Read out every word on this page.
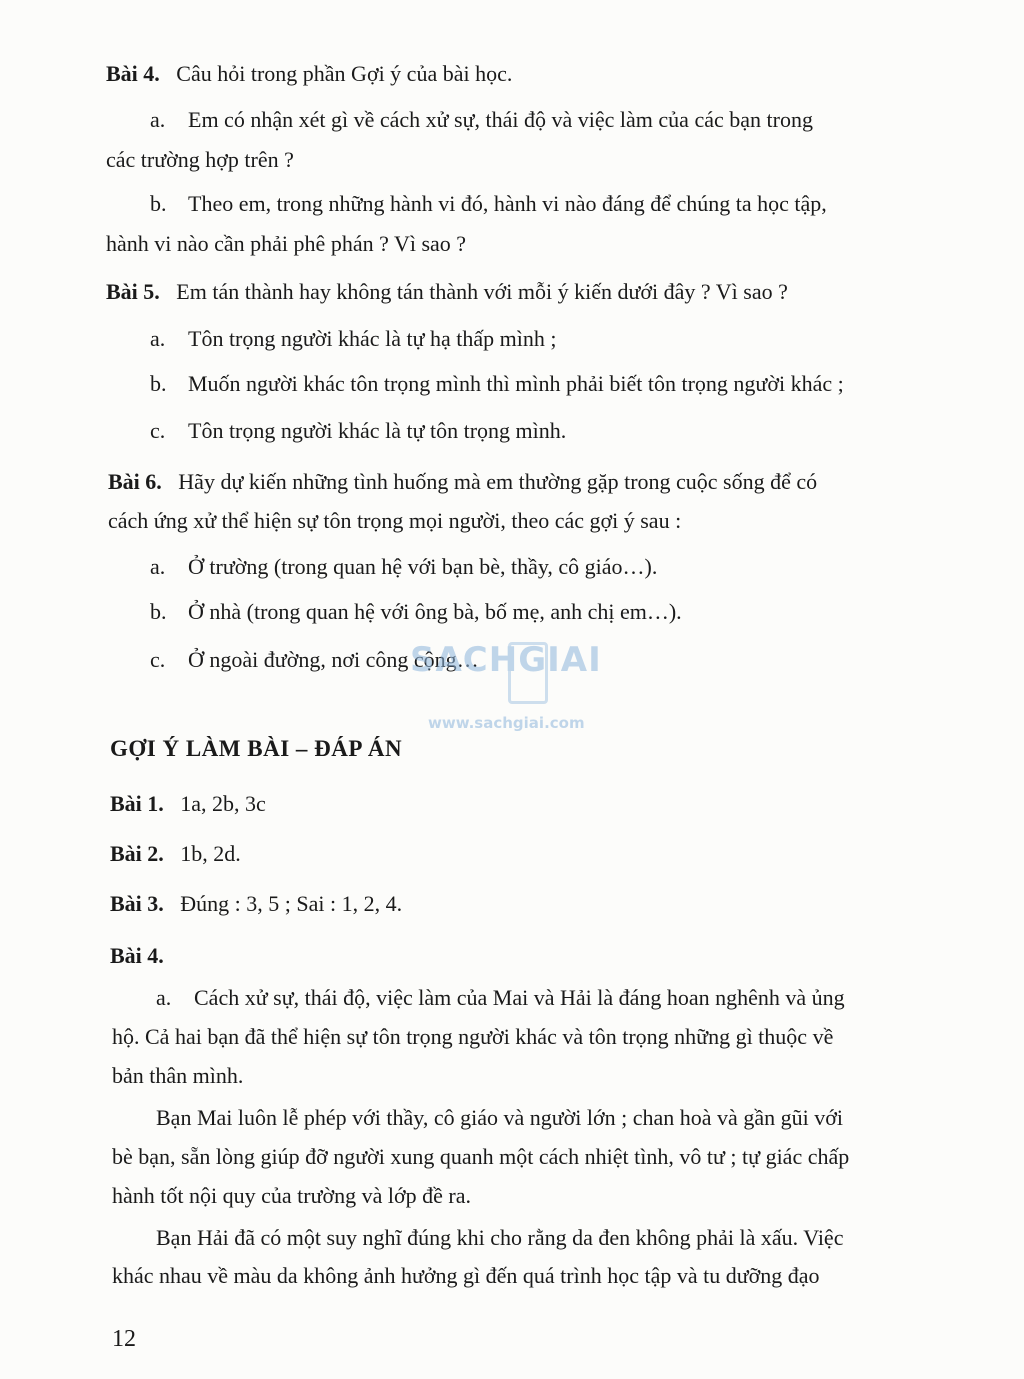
Bài 4. Câu hỏi trong phần Gợi ý của bài học.
a. Em có nhận xét gì về cách xử sự, thái độ và việc làm của các bạn trong
các trường hợp trên ?
b. Theo em, trong những hành vi đó, hành vi nào đáng để chúng ta học tập,
hành vi nào cần phải phê phán ? Vì sao ?
Bài 5. Em tán thành hay không tán thành với mỗi ý kiến dưới đây ? Vì sao ?
a. Tôn trọng người khác là tự hạ thấp mình ;
b. Muốn người khác tôn trọng mình thì mình phải biết tôn trọng người khác ;
c. Tôn trọng người khác là tự tôn trọng mình.
Bài 6. Hãy dự kiến những tình huống mà em thường gặp trong cuộc sống để có
cách ứng xử thể hiện sự tôn trọng mọi người, theo các gợi ý sau :
a. Ở trường (trong quan hệ với bạn bè, thầy, cô giáo…).
b. Ở nhà (trong quan hệ với ông bà, bố mẹ, anh chị em…).
c. Ở ngoài đường, nơi công cộng…
SACHGIAI
www.sachgiai.com
GỢI Ý LÀM BÀI – ĐÁP ÁN
Bài 1. 1a, 2b, 3c
Bài 2. 1b, 2d.
Bài 3. Đúng : 3, 5 ; Sai : 1, 2, 4.
Bài 4.
a. Cách xử sự, thái độ, việc làm của Mai và Hải là đáng hoan nghênh và ủng
hộ. Cả hai bạn đã thể hiện sự tôn trọng người khác và tôn trọng những gì thuộc về
bản thân mình.
Bạn Mai luôn lễ phép với thầy, cô giáo và người lớn ; chan hoà và gần gũi với
bè bạn, sẵn lòng giúp đỡ người xung quanh một cách nhiệt tình, vô tư ; tự giác chấp
hành tốt nội quy của trường và lớp đề ra.
Bạn Hải đã có một suy nghĩ đúng khi cho rằng da đen không phải là xấu. Việc
khác nhau về màu da không ảnh hưởng gì đến quá trình học tập và tu dưỡng đạo
12
